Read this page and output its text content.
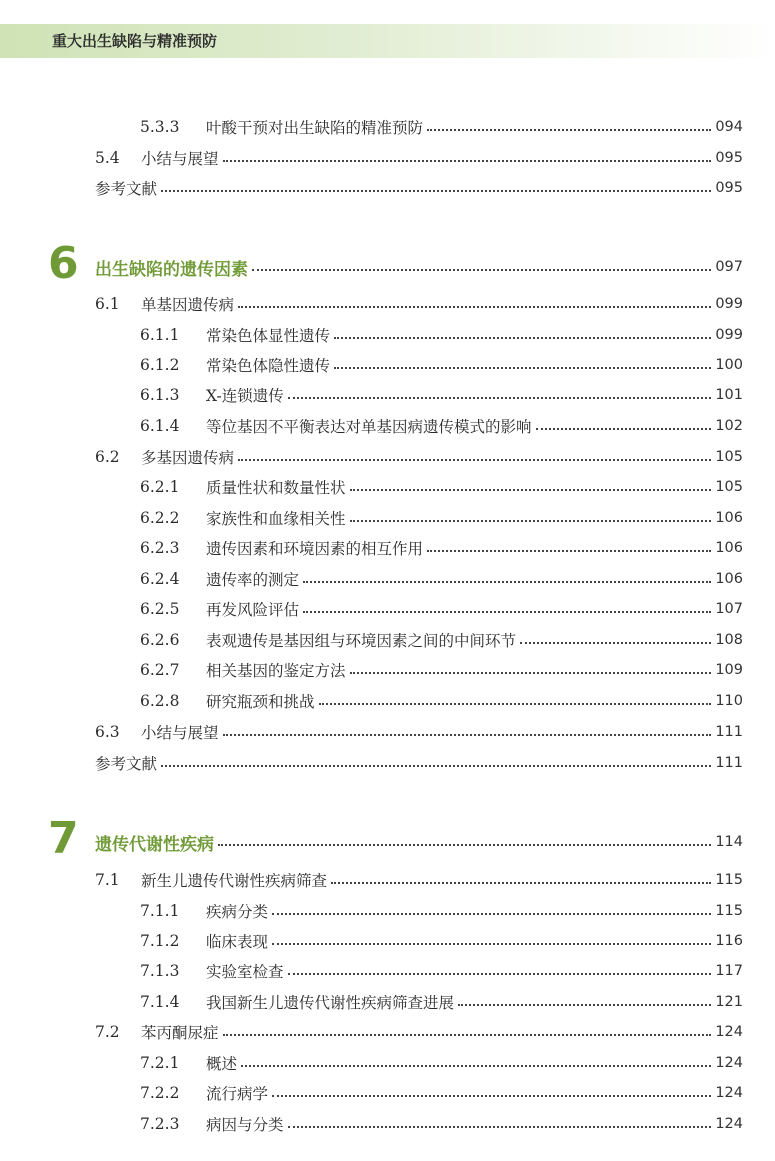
重大出生缺陷与精准预防
5.3.3	叶酸干预对出生缺陷的精准预防	094
5.4	小结与展望	095
参考文献	095
6 出生缺陷的遗传因素	097
6.1	单基因遗传病	099
6.1.1	常染色体显性遗传	099
6.1.2	常染色体隐性遗传	100
6.1.3	X-连锁遗传	101
6.1.4	等位基因不平衡表达对单基因病遗传模式的影响	102
6.2	多基因遗传病	105
6.2.1	质量性状和数量性状	105
6.2.2	家族性和血缘相关性	106
6.2.3	遗传因素和环境因素的相互作用	106
6.2.4	遗传率的测定	106
6.2.5	再发风险评估	107
6.2.6	表观遗传是基因组与环境因素之间的中间环节	108
6.2.7	相关基因的鉴定方法	109
6.2.8	研究瓶颈和挑战	110
6.3	小结与展望	111
参考文献	111
7 遗传代谢性疾病	114
7.1	新生儿遗传代谢性疾病筛查	115
7.1.1	疾病分类	115
7.1.2	临床表现	116
7.1.3	实验室检查	117
7.1.4	我国新生儿遗传代谢性疾病筛查进展	121
7.2	苯丙酮尿症	124
7.2.1	概述	124
7.2.2	流行病学	124
7.2.3	病因与分类	124
